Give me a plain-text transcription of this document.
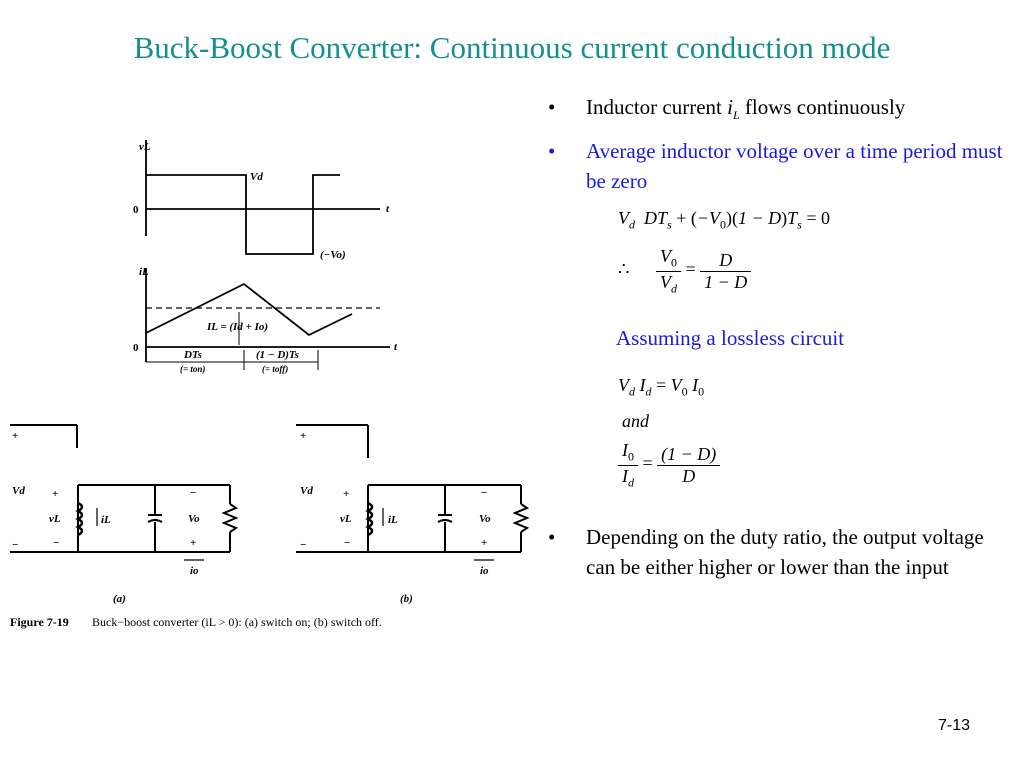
Buck-Boost Converter: Continuous current conduction mode
vL
Vd
(−Vo)
0	t
iL
IL = (Id + Io)
0	t
DTs
(= ton)
(1 − D)Ts
(= toff)
+
Vd
−
+
vL
−
iL
−
Vo
+
io
(a)
+
Vd
−
+
vL
−
iL
−
Vo
+
io
(b)
Figure 7-19 Buck−boost converter (iL > 0): (a) switch on; (b) switch off.
• Inductor current $i_L$ flows continuously
• Average inductor voltage over a time period must be zero
$V_d$ $DT_s + (-V_0)(1 - D)T_s = 0$
∴ $\frac{V_0}{V_d} = \frac{D}{1 - D}$
Assuming a lossless circuit
$V_d$ $I_d = V_0$ $I_0$
and
$\frac{I_0}{I_d} = \frac{(1 - D)}{D}$
• Depending on the duty ratio, the output voltage can be either higher or lower than the input
7-13
